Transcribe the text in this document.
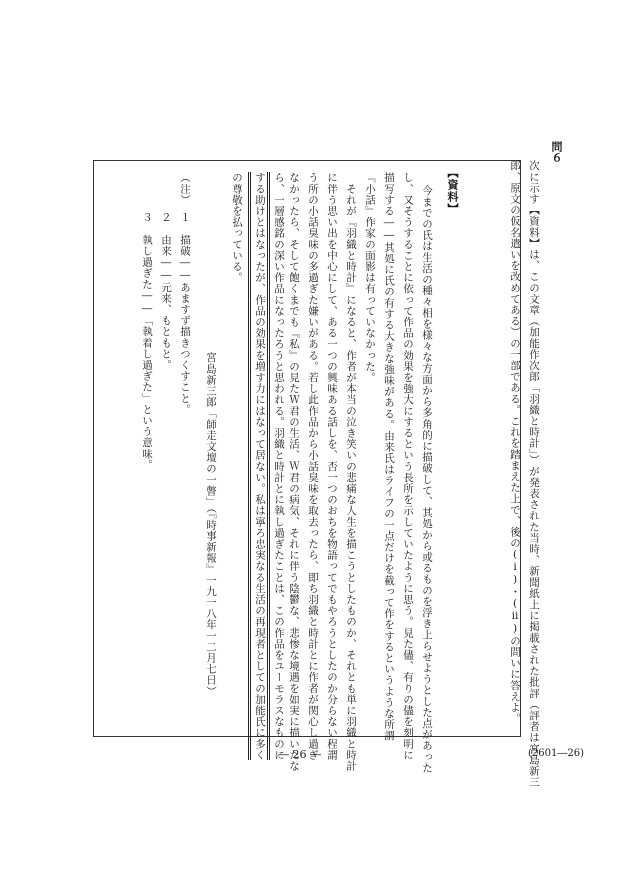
問６
次に示す【資料】は、この文章（加能作次郎「羽織と時計」）が発表された当時、新聞紙上に掲載された批評（評者は宮島新三
郎、原文の仮名遣いを改めてある）の一部である。これを踏まえた上で、後の(ⅰ)・(ⅱ)の問いに答えよ。
【資料】
今までの氏は生活の種々相を様々な方面から多角的に描破して、其処から或るものを浮き上らせようとした点があった
し、又そうすることに依って作品の効果を強大にするという長所を示していたように思う。見た儘、有りの儘を刻明に
描写する――其処に氏の有する大きな強味がある。由来氏はライフの一点だけを截って作をするというような所謂
『小話』作家の面影は有っていなかった。
　それが『羽織と時計』になると、作者が本当の泣き笑いの悲痛な人生を描こうとしたものか、それとも単に羽織と時計
に伴う思い出を中心にして、ある一つの興味ある話しを、否一つのおちを物語ってでもやろうとしたのか分らない程謂
う所の小話臭味の多過ぎた嫌いがある。若し此作品から小話臭味を取去ったら、即ち羽織と時計とに作者が関心し過ぎ
なかったら、そして飽くまでも『私』の見たＷ君の生活、Ｗ君の病気、それに伴う陰鬱な、悲惨な境遇を如実に描いたな
ら、一層感銘の深い作品になったろうと思われる。羽織と時計とに執し過ぎたことは、この作品をユーモラスなものに
する助けとはなったが、作品の効果を増す力にはなって居ない。私は寧ろ忠実なる生活の再現者としての加能氏に多く
の尊敬を払っている。
宮島新三郎「師走文壇の一瞥」（『時事新報』一九一八年一二月七日）
（注）
１　描破――あますず描きつくすこと。
２　由来――元来、もともと。
３　執し過ぎた――「執着し過ぎた」という意味。
― 26 ―	(2601―26)
